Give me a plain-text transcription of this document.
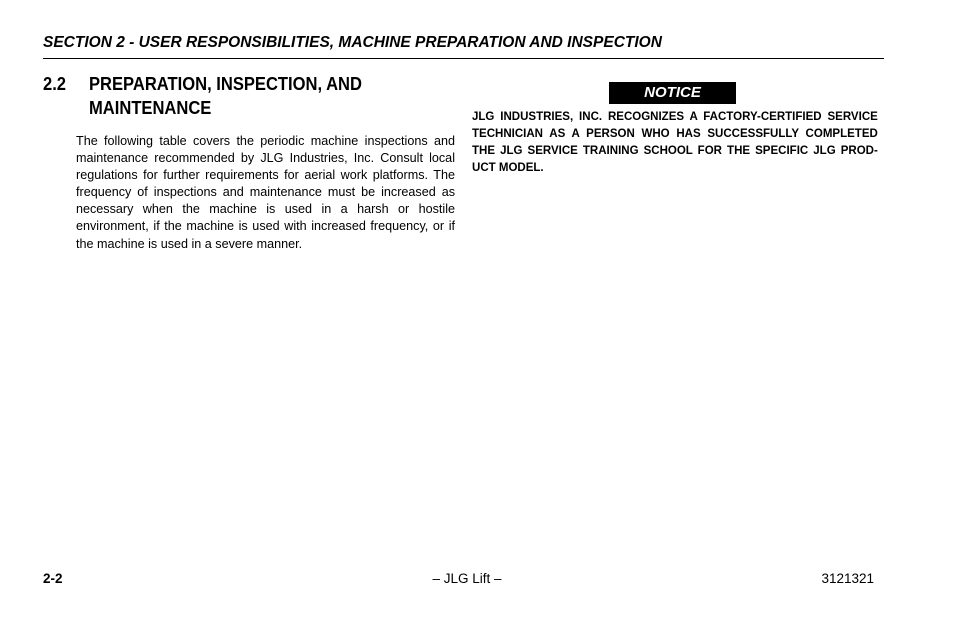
SECTION 2 - USER RESPONSIBILITIES, MACHINE PREPARATION AND INSPECTION
2.2 PREPARATION, INSPECTION, AND
MAINTENANCE

The following table covers the periodic machine inspections and maintenance recommended by JLG Industries, Inc. Consult local regulations for further requirements for aerial work platforms. The frequency of inspections and maintenance must be increased as necessary when the machine is used in a harsh or hostile environment, if the machine is used with increased frequency, or if the machine is used in a severe manner.

NOTICE

JLG INDUSTRIES, INC. RECOGNIZES A FACTORY-CERTIFIED SERVICE TECHNICIAN AS A PERSON WHO HAS SUCCESSFULLY COMPLETED THE JLG SERVICE TRAINING SCHOOL FOR THE SPECIFIC JLG PRODUCT MODEL.

2-2	– JLG Lift –	3121321
